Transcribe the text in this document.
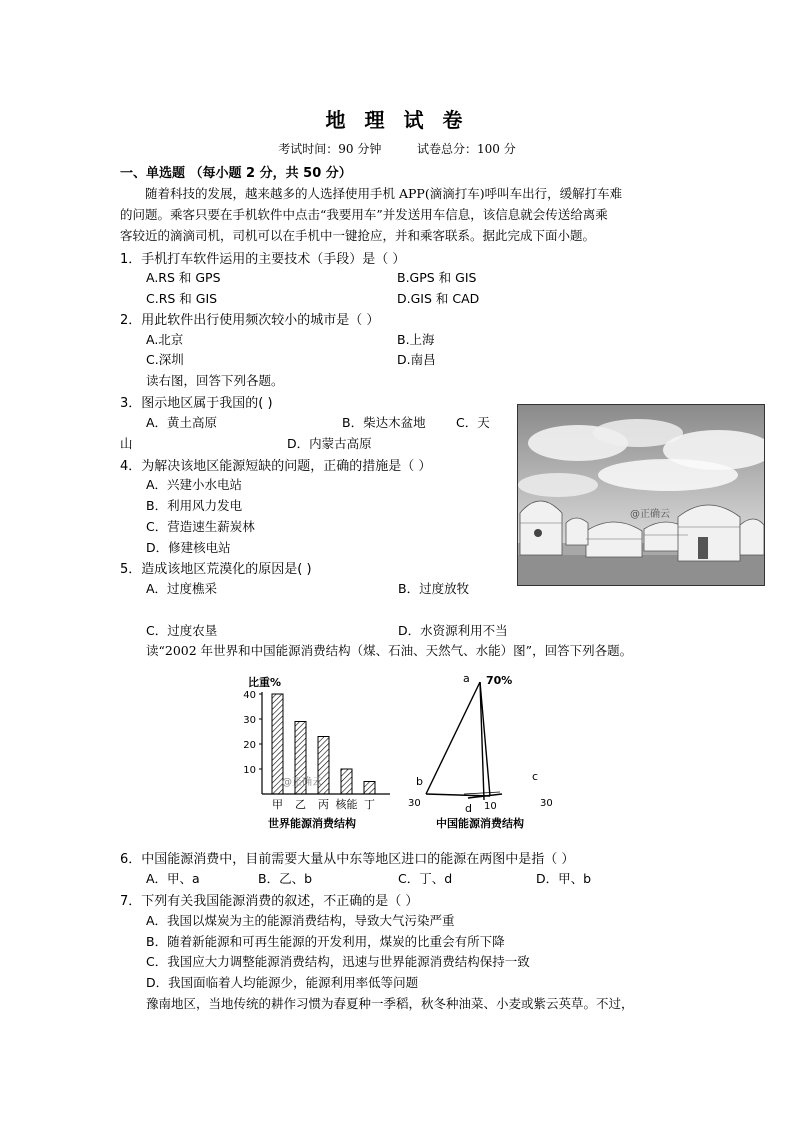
地 理 试 卷
考试时间：90 分钟	试卷总分：100 分
一、单选题 （每小题 2 分，共 50 分）
随着科技的发展，越来越多的人选择使用手机 APP(滴滴打车)呼叫车出行，缓解打车难
的问题。乘客只要在手机软件中点击“我要用车”并发送用车信息，该信息就会传送给离乘
客较近的滴滴司机，司机可以在手机中一键抢应，并和乘客联系。据此完成下面小题。
1．手机打车软件运用的主要技术（手段）是（ ）
A.RS 和 GPS	B.GPS 和 GIS
C.RS 和 GIS	D.GIS 和 CAD
2．用此软件出行使用频次较小的城市是（ ）
A.北京	B.上海
C.深圳	D.南昌
读右图，回答下列各题。
3．图示地区属于我国的( )
A．黄土高原	B．柴达木盆地 C．天
山	D．内蒙古高原
4．为解决该地区能源短缺的问题，正确的措施是（ ）
A．兴建小水电站
B．利用风力发电
C．营造速生薪炭林
D．修建核电站
5．造成该地区荒漠化的原因是( )
A．过度樵采	B．过度放牧
C．过度农垦	D．水资源利用不当
@正确云
读“2002 年世界和中国能源消费结构（煤、石油、天然气、水能）图”，回答下列各题。
比重%
40
30
20
10
甲 乙 丙 核能 丁
@正确云
世界能源消费结构
a 70%
b	c
d
30	30
10
中国能源消费结构
6．中国能源消费中，目前需要大量从中东等地区进口的能源在两图中是指（ ）
A．甲、a	B．乙、b	C．丁、d	D．甲、b
7．下列有关我国能源消费的叙述，不正确的是（ ）
A．我国以煤炭为主的能源消费结构，导致大气污染严重
B．随着新能源和可再生能源的开发利用，煤炭的比重会有所下降
C．我国应大力调整能源消费结构，迅速与世界能源消费结构保持一致
D．我国面临着人均能源少，能源利用率低等问题
豫南地区，当地传统的耕作习惯为春夏种一季稻，秋冬种油菜、小麦或紫云英草。不过，
